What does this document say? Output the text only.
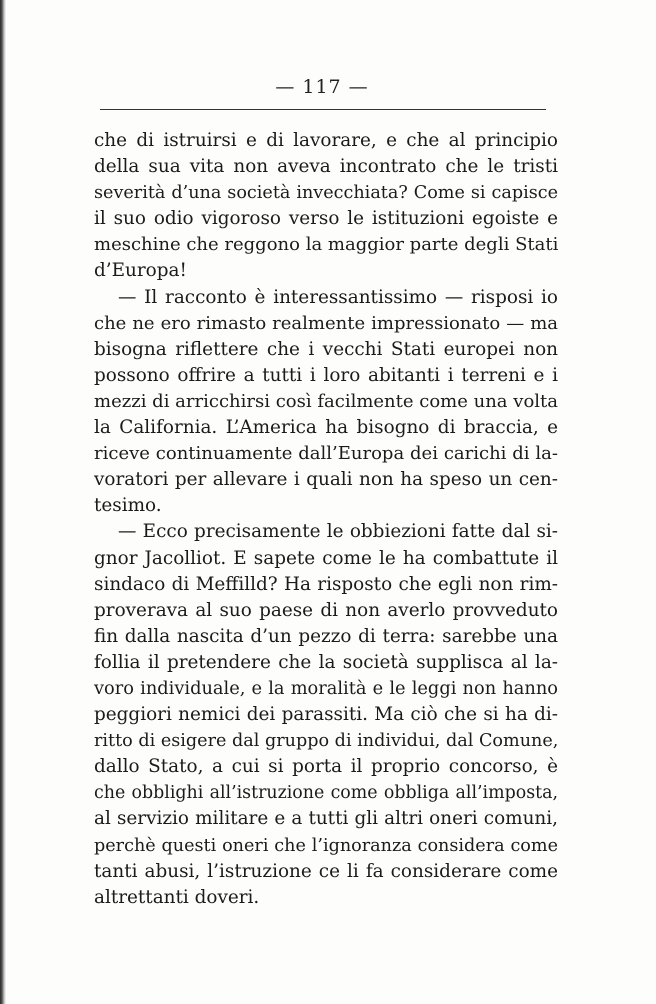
— 117 —
che di istruirsi e di lavorare, e che al principio
della sua vita non aveva incontrato che le tristi
severità d’una società invecchiata? Come si capisce
il suo odio vigoroso verso le istituzioni egoiste e
meschine che reggono la maggior parte degli Stati
d’Europa!
— Il racconto è interessantissimo — risposi io
che ne ero rimasto realmente impressionato — ma
bisogna riflettere che i vecchi Stati europei non
possono offrire a tutti i loro abitanti i terreni e i
mezzi di arricchirsi così facilmente come una volta
la California. L’America ha bisogno di braccia, e
riceve continuamente dall’Europa dei carichi di la-
voratori per allevare i quali non ha speso un cen-
tesimo.
— Ecco precisamente le obbiezioni fatte dal si-
gnor Jacolliot. E sapete come le ha combattute il
sindaco di Meffilld? Ha risposto che egli non rim-
proverava al suo paese di non averlo provveduto
fin dalla nascita d’un pezzo di terra: sarebbe una
follia il pretendere che la società supplisca al la-
voro individuale, e la moralità e le leggi non hanno
peggiori nemici dei parassiti. Ma ciò che si ha di-
ritto di esigere dal gruppo di individui, dal Comune,
dallo Stato, a cui si porta il proprio concorso, è
che obblighi all’istruzione come obbliga all’imposta,
al servizio militare e a tutti gli altri oneri comuni,
perchè questi oneri che l’ignoranza considera come
tanti abusi, l’istruzione ce li fa considerare come
altrettanti doveri.
